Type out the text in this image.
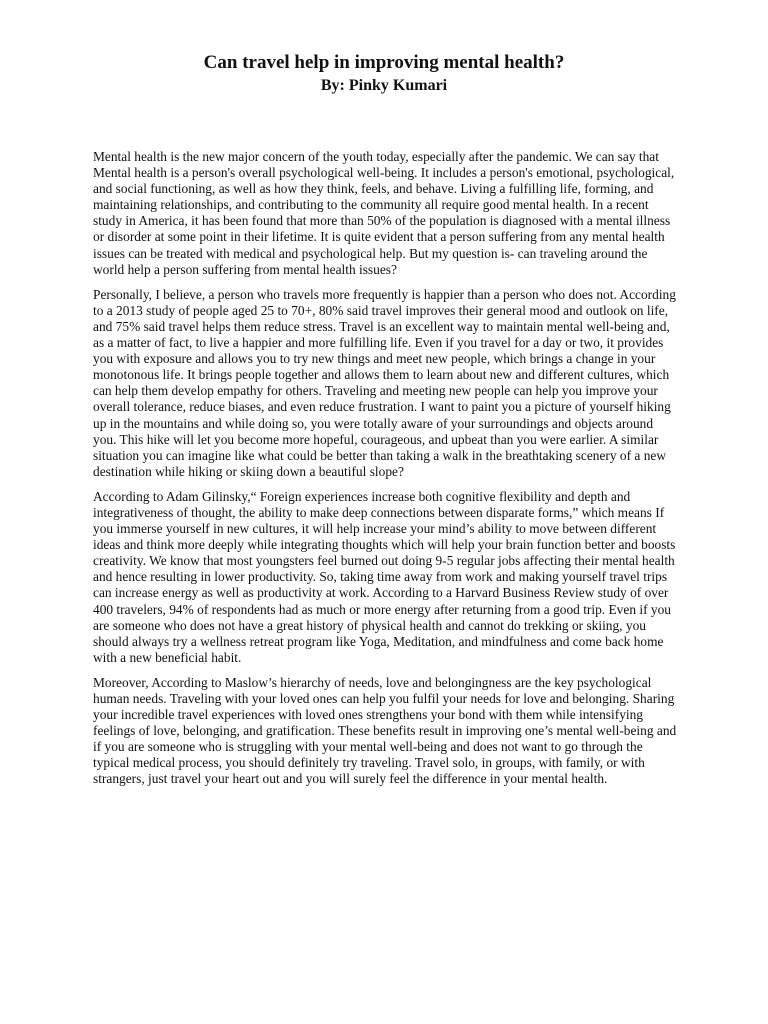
Can travel help in improving mental health?
By: Pinky Kumari

Mental health is the new major concern of the youth today, especially after the pandemic. We can say that Mental health is a person's overall psychological well-being. It includes a person's emotional, psychological, and social functioning, as well as how they think, feels, and behave. Living a fulfilling life, forming, and maintaining relationships, and contributing to the community all require good mental health. In a recent study in America, it has been found that more than 50% of the population is diagnosed with a mental illness or disorder at some point in their lifetime. It is quite evident that a person suffering from any mental health issues can be treated with medical and psychological help. But my question is- can traveling around the world help a person suffering from mental health issues?

Personally, I believe, a person who travels more frequently is happier than a person who does not. According to a 2013 study of people aged 25 to 70+, 80% said travel improves their general mood and outlook on life, and 75% said travel helps them reduce stress. Travel is an excellent way to maintain mental well-being and, as a matter of fact, to live a happier and more fulfilling life. Even if you travel for a day or two, it provides you with exposure and allows you to try new things and meet new people, which brings a change in your monotonous life. It brings people together and allows them to learn about new and different cultures, which can help them develop empathy for others. Traveling and meeting new people can help you improve your overall tolerance, reduce biases, and even reduce frustration. I want to paint you a picture of yourself hiking up in the mountains and while doing so, you were totally aware of your surroundings and objects around you. This hike will let you become more hopeful, courageous, and upbeat than you were earlier. A similar situation you can imagine like what could be better than taking a walk in the breathtaking scenery of a new destination while hiking or skiing down a beautiful slope?

According to Adam Gilinsky,“ Foreign experiences increase both cognitive flexibility and depth and integrativeness of thought, the ability to make deep connections between disparate forms,” which means If you immerse yourself in new cultures, it will help increase your mind’s ability to move between different ideas and think more deeply while integrating thoughts which will help your brain function better and boosts creativity. We know that most youngsters feel burned out doing 9-5 regular jobs affecting their mental health and hence resulting in lower productivity. So, taking time away from work and making yourself travel trips can increase energy as well as productivity at work. According to a Harvard Business Review study of over 400 travelers, 94% of respondents had as much or more energy after returning from a good trip. Even if you are someone who does not have a great history of physical health and cannot do trekking or skiing, you should always try a wellness retreat program like Yoga, Meditation, and mindfulness and come back home with a new beneficial habit.

Moreover, According to Maslow’s hierarchy of needs, love and belongingness are the key psychological human needs. Traveling with your loved ones can help you fulfil your needs for love and belonging. Sharing your incredible travel experiences with loved ones strengthens your bond with them while intensifying feelings of love, belonging, and gratification. These benefits result in improving one’s mental well-being and if you are someone who is struggling with your mental well-being and does not want to go through the typical medical process, you should definitely try traveling. Travel solo, in groups, with family, or with strangers, just travel your heart out and you will surely feel the difference in your mental health.
